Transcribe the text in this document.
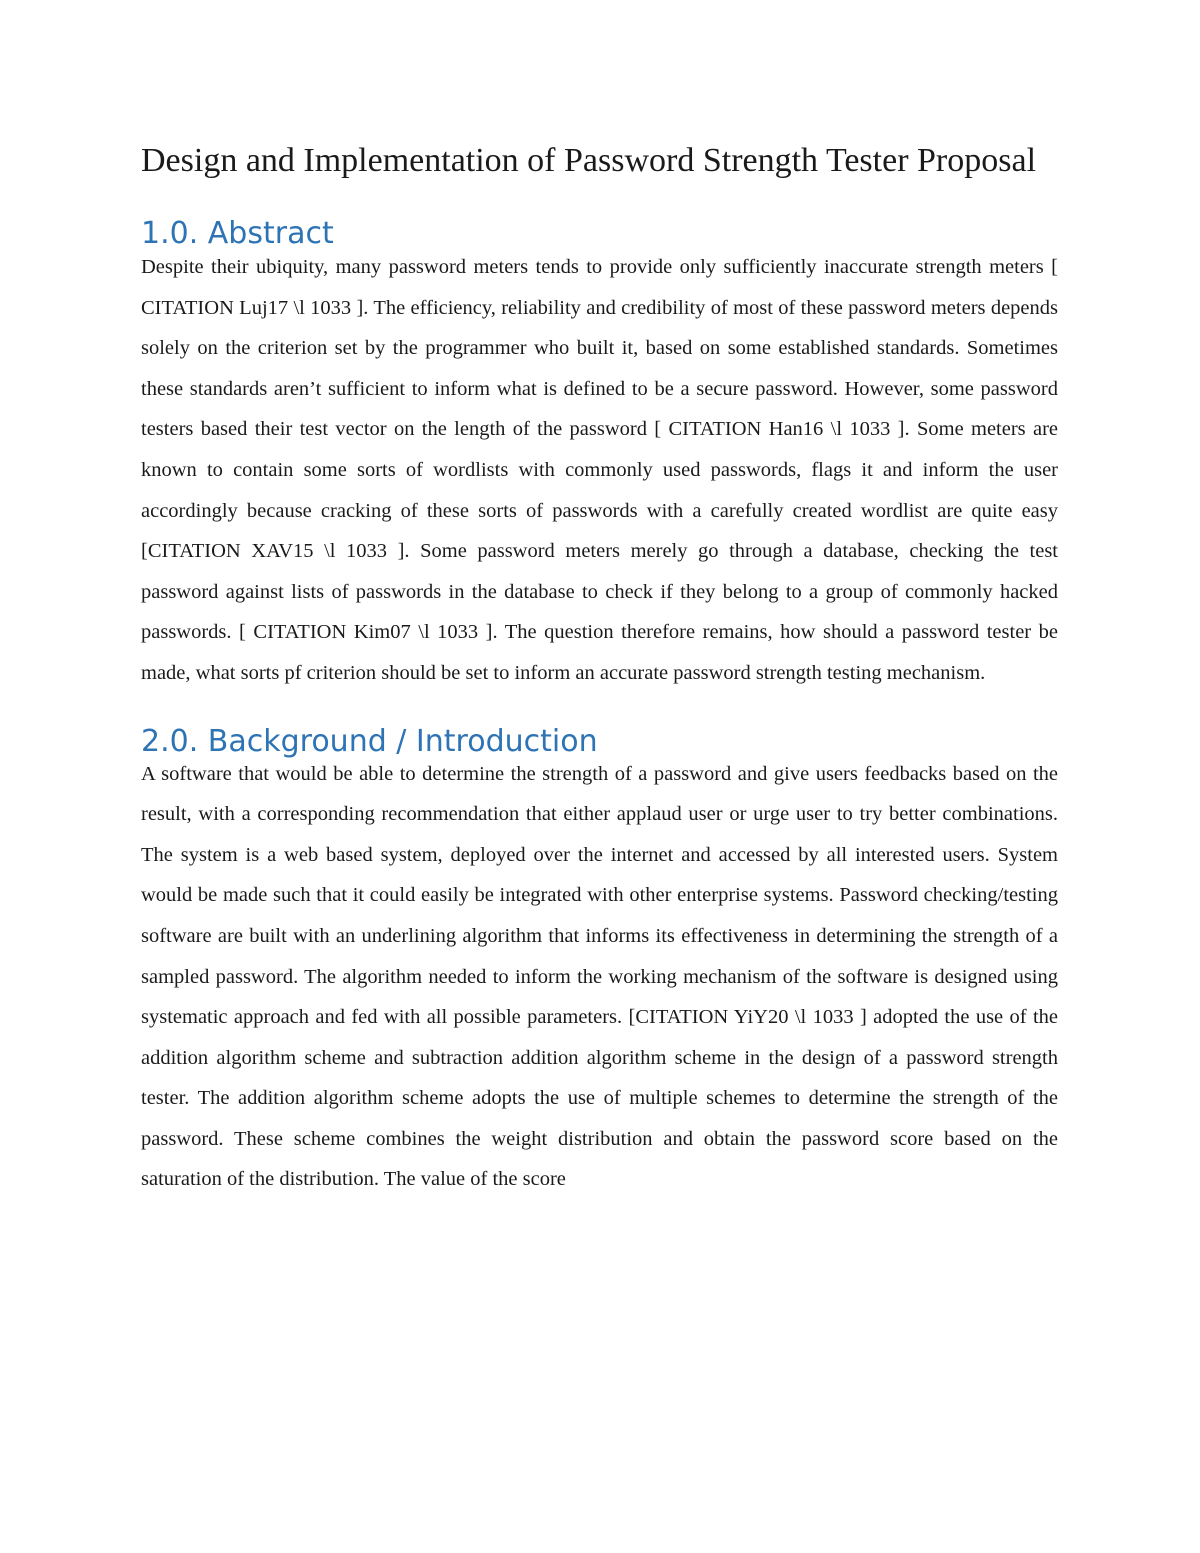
Design and Implementation of Password Strength Tester Proposal
1.0. Abstract

Despite their ubiquity, many password meters tends to provide only sufficiently inaccurate strength meters [ CITATION Luj17 \l 1033 ]. The efficiency, reliability and credibility of most of these password meters depends solely on the criterion set by the programmer who built it, based on some established standards. Sometimes these standards aren’t sufficient to inform what is defined to be a secure password. However, some password testers based their test vector on the length of the password [ CITATION Han16 \l 1033 ]. Some meters are known to contain some sorts of wordlists with commonly used passwords, flags it and inform the user accordingly because cracking of these sorts of passwords with a carefully created wordlist are quite easy [CITATION XAV15 \l 1033 ]. Some password meters merely go through a database, checking the test password against lists of passwords in the database to check if they belong to a group of commonly hacked passwords. [ CITATION Kim07 \l 1033 ]. The question therefore remains, how should a password tester be made, what sorts pf criterion should be set to inform an accurate password strength testing mechanism.

2.0. Background / Introduction

A software that would be able to determine the strength of a password and give users feedbacks based on the result, with a corresponding recommendation that either applaud user or urge user to try better combinations. The system is a web based system, deployed over the internet and accessed by all interested users. System would be made such that it could easily be integrated with other enterprise systems. Password checking/testing software are built with an underlining algorithm that informs its effectiveness in determining the strength of a sampled password. The algorithm needed to inform the working mechanism of the software is designed using systematic approach and fed with all possible parameters. [CITATION YiY20 \l 1033 ] adopted the use of the addition algorithm scheme and subtraction addition algorithm scheme in the design of a password strength tester. The addition algorithm scheme adopts the use of multiple schemes to determine the strength of the password. These scheme combines the weight distribution and obtain the password score based on the saturation of the distribution. The value of the score
